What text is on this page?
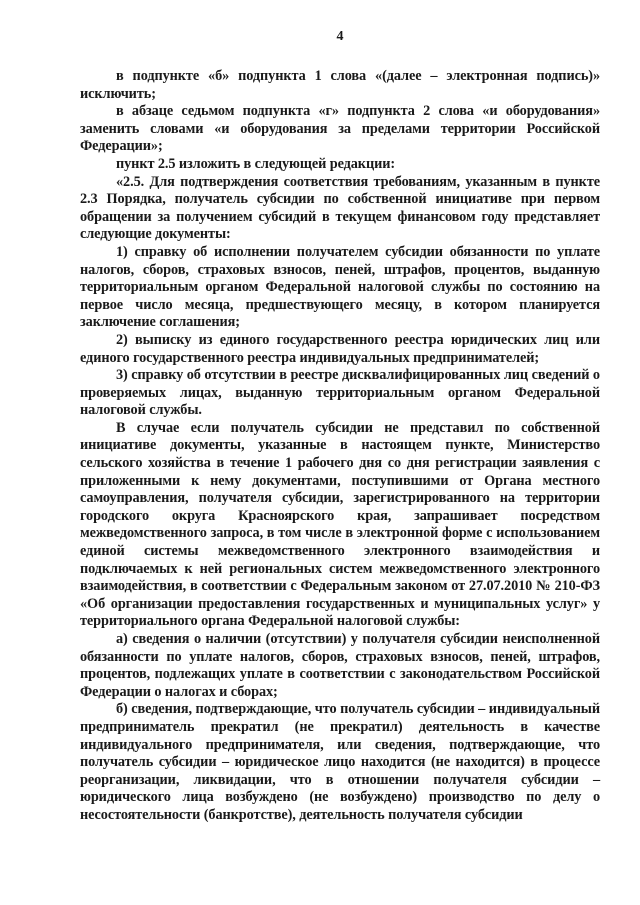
4

в подпункте «б» подпункта 1 слова «(далее – электронная подпись)» исключить;

в абзаце седьмом подпункта «г» подпункта 2 слова «и оборудования» заменить словами «и оборудования за пределами территории Российской Федерации»;

пункт 2.5 изложить в следующей редакции:

«2.5. Для подтверждения соответствия требованиям, указанным в пункте 2.3 Порядка, получатель субсидии по собственной инициативе при первом обращении за получением субсидий в текущем финансовом году представляет следующие документы:

1) справку об исполнении получателем субсидии обязанности по уплате налогов, сборов, страховых взносов, пеней, штрафов, процентов, выданную территориальным органом Федеральной налоговой службы по состоянию на первое число месяца, предшествующего месяцу, в котором планируется заключение соглашения;

2) выписку из единого государственного реестра юридических лиц или единого государственного реестра индивидуальных предпринимателей;

3) справку об отсутствии в реестре дисквалифицированных лиц сведений о проверяемых лицах, выданную территориальным органом Федеральной налоговой службы.

В случае если получатель субсидии не представил по собственной инициативе документы, указанные в настоящем пункте, Министерство сельского хозяйства в течение 1 рабочего дня со дня регистрации заявления с приложенными к нему документами, поступившими от Органа местного самоуправления, получателя субсидии, зарегистрированного на территории городского округа Красноярского края, запрашивает посредством межведомственного запроса, в том числе в электронной форме с использованием единой системы межведомственного электронного взаимодействия и подключаемых к ней региональных систем межведомственного электронного взаимодействия, в соответствии с Федеральным законом от 27.07.2010 № 210-ФЗ «Об организации предоставления государственных и муниципальных услуг» у территориального органа Федеральной налоговой службы:

а) сведения о наличии (отсутствии) у получателя субсидии неисполненной обязанности по уплате налогов, сборов, страховых взносов, пеней, штрафов, процентов, подлежащих уплате в соответствии с законодательством Российской Федерации о налогах и сборах;

б) сведения, подтверждающие, что получатель субсидии – индивидуальный предприниматель прекратил (не прекратил) деятельность в качестве индивидуального предпринимателя, или сведения, подтверждающие, что получатель субсидии – юридическое лицо находится (не находится) в процессе реорганизации, ликвидации, что в отношении получателя субсидии – юридического лица возбуждено (не возбуждено) производство по делу о несостоятельности (банкротстве), деятельность получателя субсидии
